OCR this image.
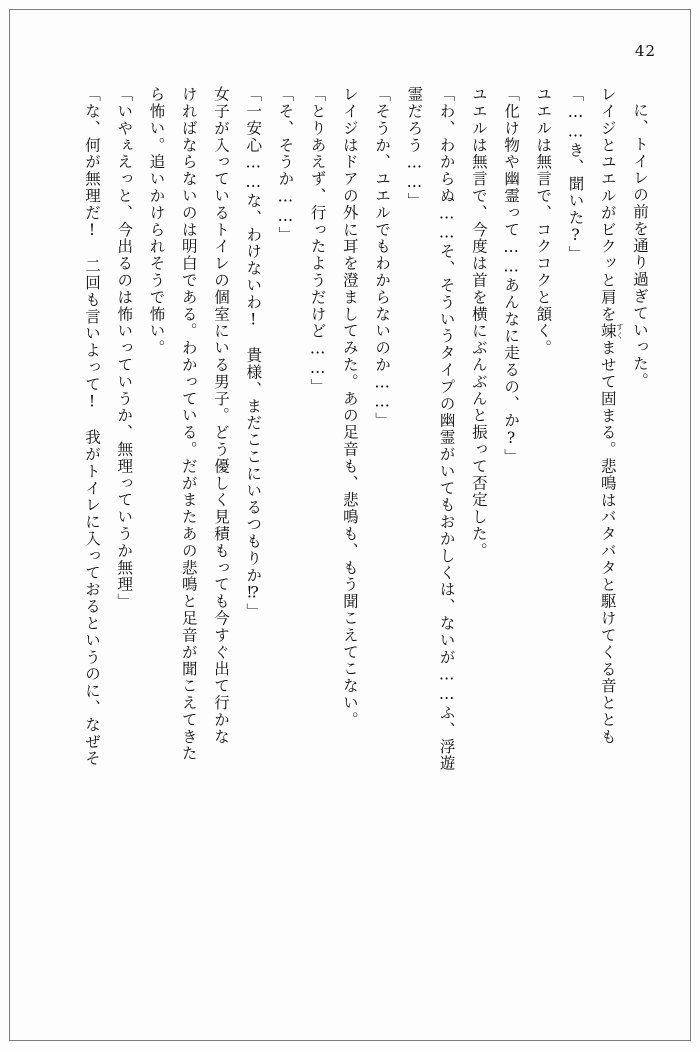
42

に、トイレの前を通り過ぎていった。

レイジとユエルがビクッと肩を竦すくませて固まる。悲鳴はバタバタと駆けてくる音ととも

「……き、聞いた?」

ユエルは無言で、コクコクと頷く。

「化け物や幽霊って……あんなに走るの、か?」

ユエルは無言で、今度は首を横にぶんぶんと振って否定した。

「わ、わからぬ……そ、そういうタイプの幽霊がいてもおかしくは、ないが……ふ、浮遊

霊だろう……」

「そうか、ユエルでもわからないのか……」

レイジはドアの外に耳を澄ましてみた。あの足音も、悲鳴も、もう聞こえてこない。

「とりあえず、行ったようだけど……」

「そ、そうか……」

「一安心……な、わけないわ!　貴様、まだここにいるつもりか⁉」

女子が入っているトイレの個室にいる男子。どう優しく見積もっても今すぐ出て行かな

ければならないのは明白である。わかっている。だがまたあの悲鳴と足音が聞こえてきた

ら怖い。追いかけられそうで怖い。

「いやぇえっと、今出るのは怖いっていうか、無理っていうか無理」

「な、何が無理だ!　二回も言いよって!　我がトイレに入っておるというのに、なぜそ
